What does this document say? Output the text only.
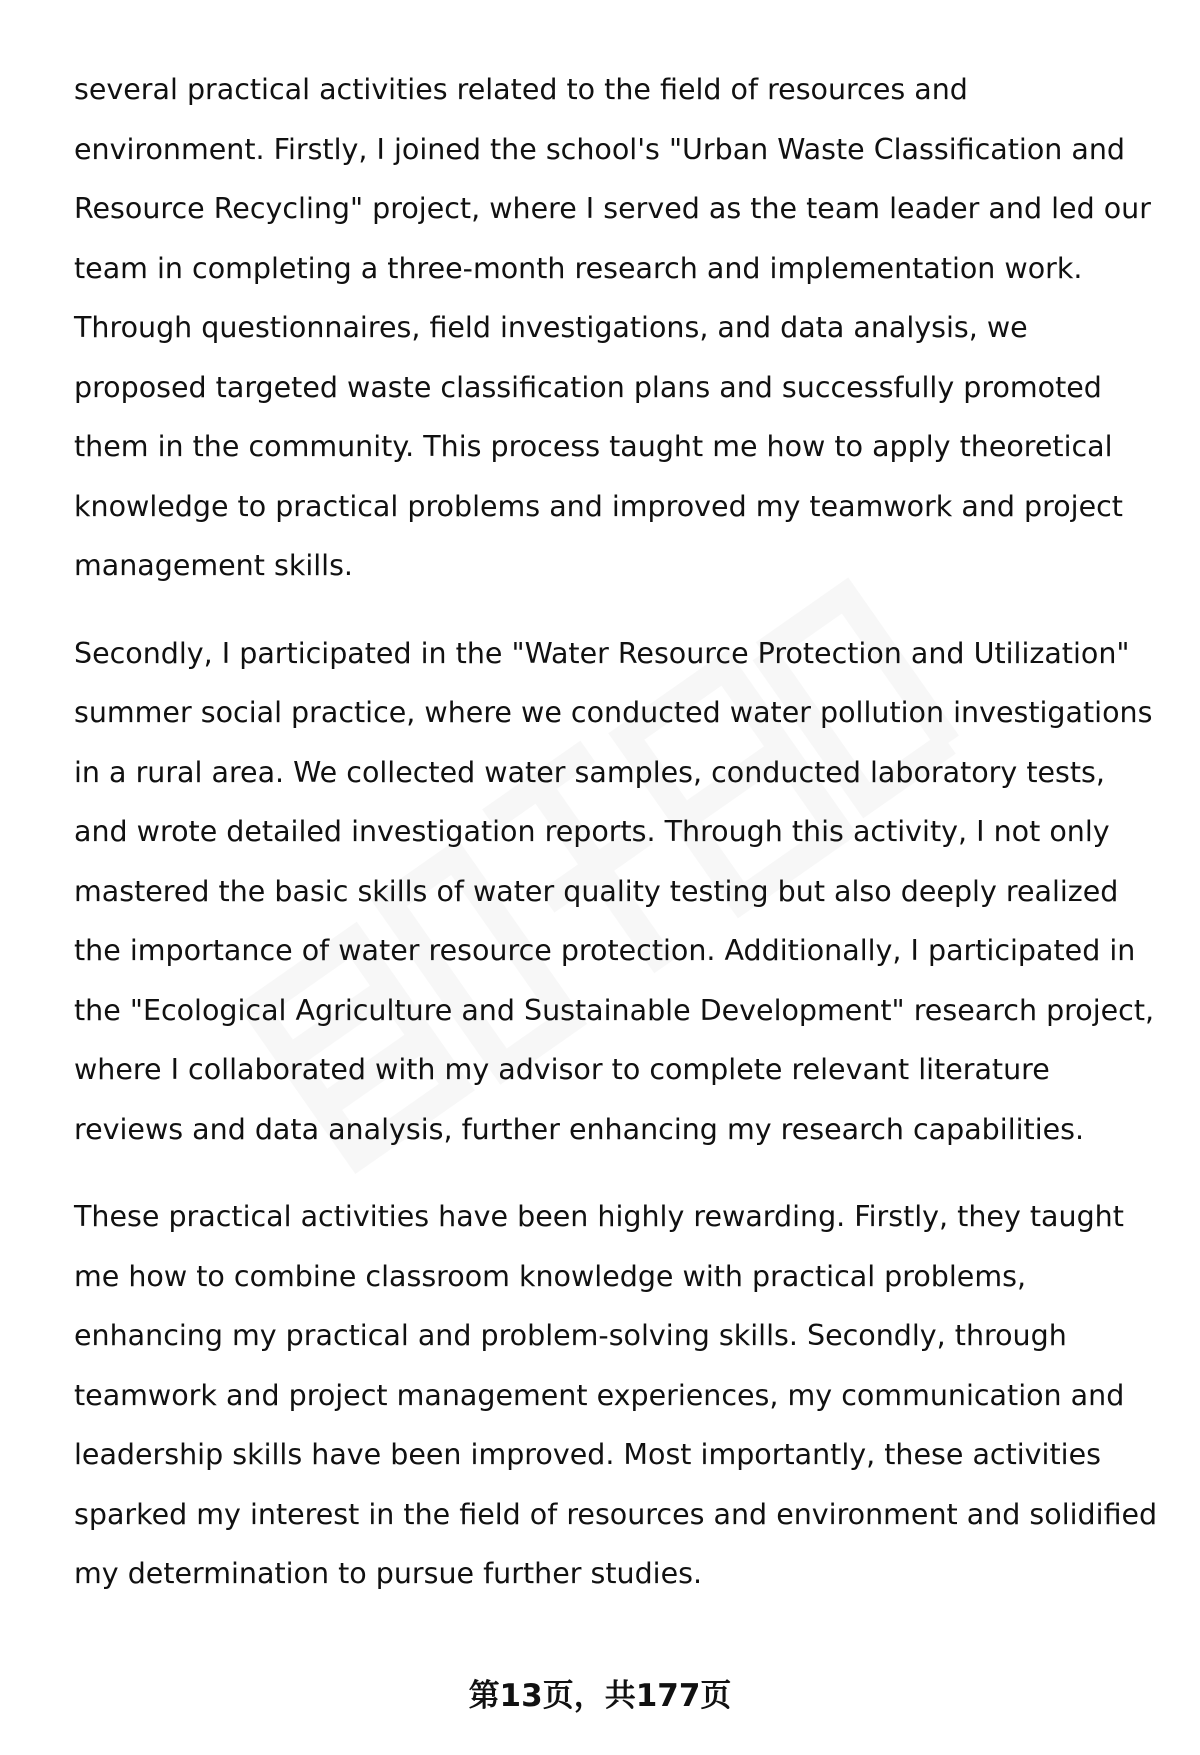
several practical activities related to the field of resources and environment. Firstly, I joined the school's "Urban Waste Classification and Resource Recycling" project, where I served as the team leader and led our team in completing a three-month research and implementation work. Through questionnaires, field investigations, and data analysis, we proposed targeted waste classification plans and successfully promoted them in the community. This process taught me how to apply theoretical knowledge to practical problems and improved my teamwork and project management skills.

Secondly, I participated in the "Water Resource Protection and Utilization" summer social practice, where we conducted water pollution investigations in a rural area. We collected water samples, conducted laboratory tests, and wrote detailed investigation reports. Through this activity, I not only mastered the basic skills of water quality testing but also deeply realized the importance of water resource protection. Additionally, I participated in the "Ecological Agriculture and Sustainable Development" research project, where I collaborated with my advisor to complete relevant literature reviews and data analysis, further enhancing my research capabilities.

These practical activities have been highly rewarding. Firstly, they taught me how to combine classroom knowledge with practical problems, enhancing my practical and problem-solving skills. Secondly, through teamwork and project management experiences, my communication and leadership skills have been improved. Most importantly, these activities sparked my interest in the field of resources and environment and solidified my determination to pursue further studies.

第13页，共177页
